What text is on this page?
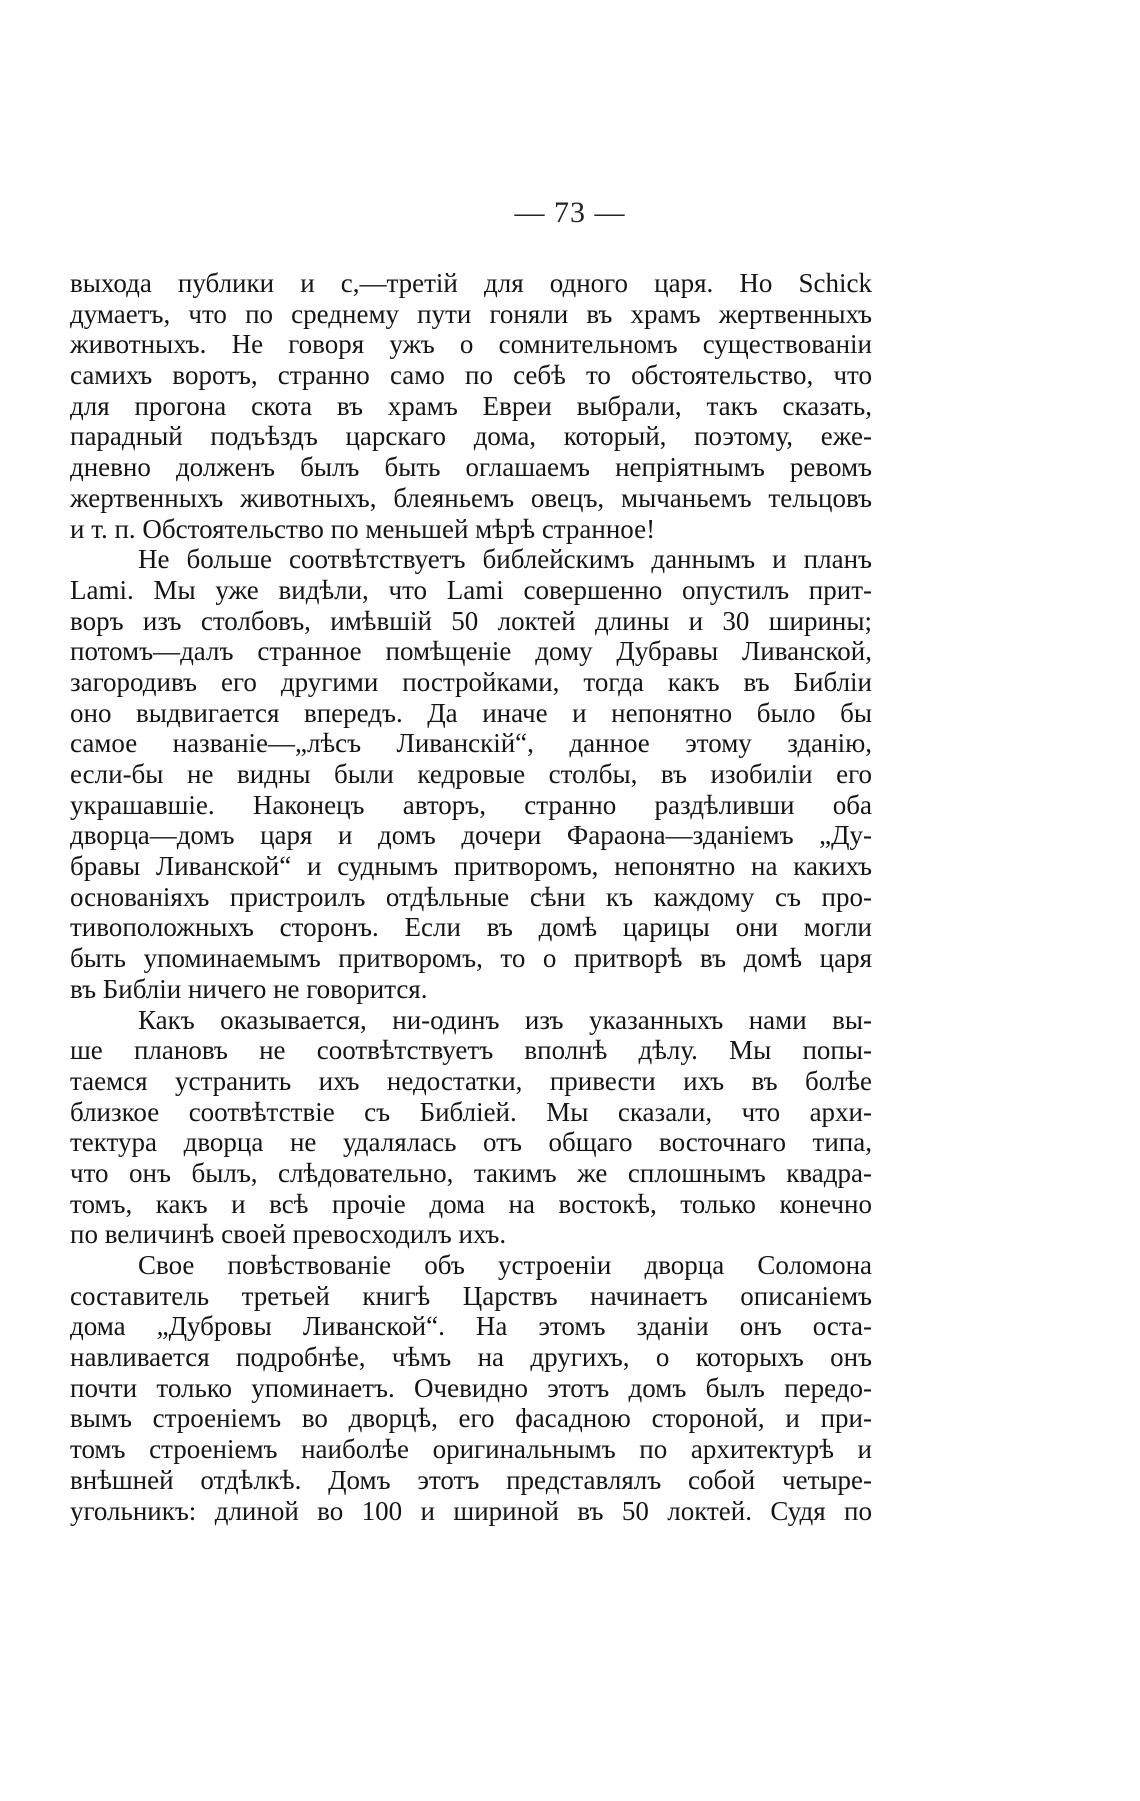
— 73 —
выхода публики и с,—третій для одного царя. Но Schick
думаетъ, что по среднему пути гоняли въ храмъ жертвенныхъ
животныхъ. Не говоря ужъ о сомнительномъ существованіи
самихъ воротъ, странно само по себѣ то обстоятельство, что
для прогона скота въ храмъ Евреи выбрали, такъ сказать,
парадный подъѣздъ царскаго дома, который, поэтому, еже-
дневно долженъ былъ быть оглашаемъ непріятнымъ ревомъ
жертвенныхъ животныхъ, блеяньемъ овецъ, мычаньемъ тельцовъ
и т. п. Обстоятельство по меньшей мѣрѣ странное!
Не больше соотвѣтствуетъ библейскимъ даннымъ и планъ
Lami. Мы уже видѣли, что Lami совершенно опустилъ прит-
воръ изъ столбовъ, имѣвшій 50 локтей длины и 30 ширины;
потомъ—далъ странное помѣщеніе дому Дубравы Ливанской,
загородивъ его другими постройками, тогда какъ въ Библіи
оно выдвигается впередъ. Да иначе и непонятно было бы
самое названіе—„лѣсъ Ливанскій“, данное этому зданію,
если-бы не видны были кедровые столбы, въ изобиліи его
украшавшіе. Наконецъ авторъ, странно раздѣливши оба
дворца—домъ царя и домъ дочери Фараона—зданіемъ „Ду-
бравы Ливанской“ и суднымъ притворомъ, непонятно на какихъ
основаніяхъ пристроилъ отдѣльные сѣни къ каждому съ про-
тивоположныхъ сторонъ. Если въ домѣ царицы они могли
быть упоминаемымъ притворомъ, то о притворѣ въ домѣ царя
въ Библіи ничего не говорится.
Какъ оказывается, ни-одинъ изъ указанныхъ нами вы-
ше плановъ не соотвѣтствуетъ вполнѣ дѣлу. Мы попы-
таемся устранить ихъ недостатки, привести ихъ въ болѣе
близкое соотвѣтствіе съ Библіей. Мы сказали, что архи-
тектура дворца не удалялась отъ общаго восточнаго типа,
что онъ былъ, слѣдовательно, такимъ же сплошнымъ квадра-
томъ, какъ и всѣ прочіе дома на востокѣ, только конечно
по величинѣ своей превосходилъ ихъ.
Свое повѣствованіе объ устроеніи дворца Соломона
составитель третьей книгѣ Царствъ начинаетъ описаніемъ
дома „Дубровы Ливанской“. На этомъ зданіи онъ оста-
навливается подробнѣе, чѣмъ на другихъ, о которыхъ онъ
почти только упоминаетъ. Очевидно этотъ домъ былъ передо-
вымъ строеніемъ во дворцѣ, его фасадною стороной, и при-
томъ строеніемъ наиболѣе оригинальнымъ по архитектурѣ и
внѣшней отдѣлкѣ. Домъ этотъ представлялъ собой четыре-
угольникъ: длиной во 100 и шириной въ 50 локтей. Судя по
